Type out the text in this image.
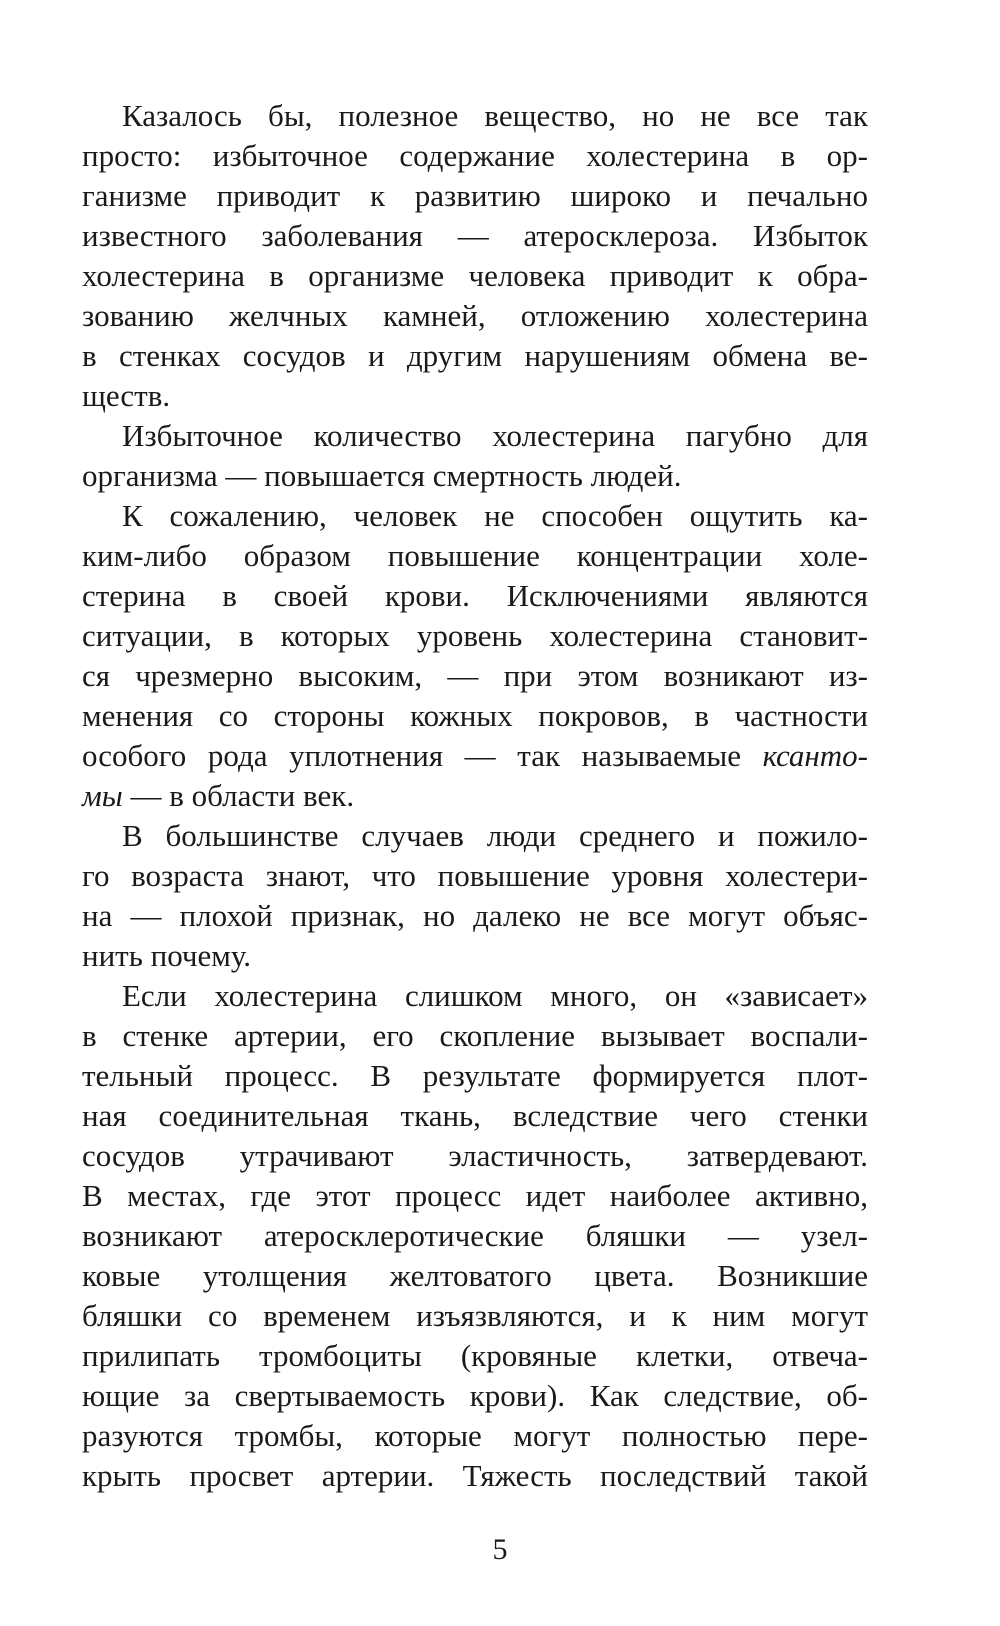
Казалось бы, полезное вещество, но не все так
просто: избыточное содержание холестерина в ор-
ганизме приводит к развитию широко и печально
известного заболевания — атеросклероза. Избыток
холестерина в организме человека приводит к обра-
зованию желчных камней, отложению холестерина
в стенках сосудов и другим нарушениям обмена ве-
ществ.
Избыточное количество холестерина пагубно для
организма — повышается смертность людей.
К сожалению, человек не способен ощутить ка-
ким-либо образом повышение концентрации холе-
стерина в своей крови. Исключениями являются
ситуации, в которых уровень холестерина становит-
ся чрезмерно высоким, — при этом возникают из-
менения со стороны кожных покровов, в частности
особого рода уплотнения — так называемые ксанто-
мы — в области век.
В большинстве случаев люди среднего и пожило-
го возраста знают, что повышение уровня холестери-
на — плохой признак, но далеко не все могут объяс-
нить почему.
Если холестерина слишком много, он «зависает»
в стенке артерии, его скопление вызывает воспали-
тельный процесс. В результате формируется плот-
ная соединительная ткань, вследствие чего стенки
сосудов утрачивают эластичность, затвердевают.
В местах, где этот процесс идет наиболее активно,
возникают атеросклеротические бляшки — узел-
ковые утолщения желтоватого цвета. Возникшие
бляшки со временем изъязвляются, и к ним могут
прилипать тромбоциты (кровяные клетки, отвеча-
ющие за свертываемость крови). Как следствие, об-
разуются тромбы, которые могут полностью пере-
крыть просвет артерии. Тяжесть последствий такой
5
